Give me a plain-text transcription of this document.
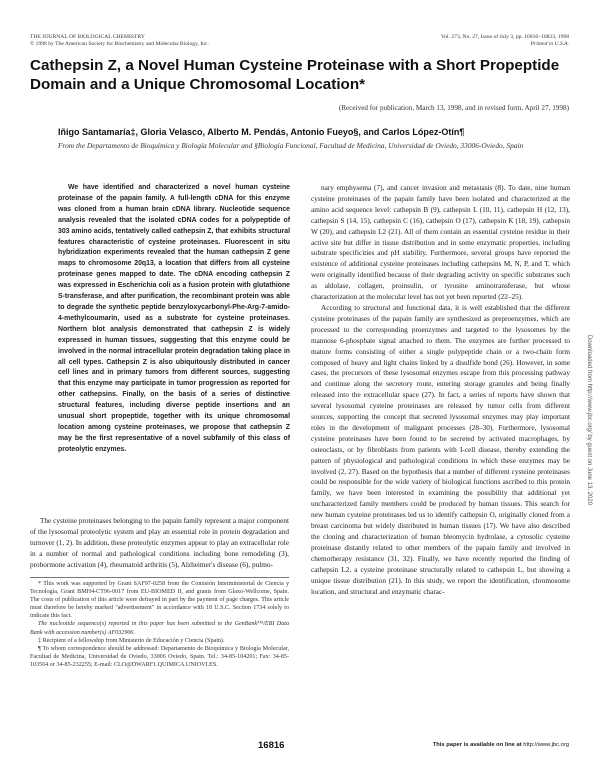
THE JOURNAL OF BIOLOGICAL CHEMISTRY
© 1998 by The American Society for Biochemistry and Molecular Biology, Inc.
Vol. 273, No. 27, Issue of July 3, pp. 16816–16823, 1998
Printed in U.S.A.
Cathepsin Z, a Novel Human Cysteine Proteinase with a Short Propeptide Domain and a Unique Chromosomal Location*
(Received for publication, March 13, 1998, and in revised form, April 27, 1998)
Iñigo Santamaría‡, Gloria Velasco, Alberto M. Pendás, Antonio Fueyo§, and Carlos López-Otín¶
From the Departamento de Bioquímica y Biología Molecular and §Biología Funcional, Facultad de Medicina, Universidad de Oviedo, 33006-Oviedo, Spain

We have identified and characterized a novel human cysteine proteinase of the papain family. A full-length cDNA for this enzyme was cloned from a human brain cDNA library. Nucleotide sequence analysis revealed that the isolated cDNA codes for a polypeptide of 303 amino acids, tentatively called cathepsin Z, that exhibits structural features characteristic of cysteine proteinases. Fluorescent in situ hybridization experiments revealed that the human cathepsin Z gene maps to chromosome 20q13, a location that differs from all cysteine proteinase genes mapped to date. The cDNA encoding cathepsin Z was expressed in Escherichia coli as a fusion protein with glutathione S-transferase, and after purification, the recombinant protein was able to degrade the synthetic peptide benzyloxycarbonyl-Phe-Arg-7-amido-4-methylcoumarin, used as a substrate for cysteine proteinases. Northern blot analysis demonstrated that cathepsin Z is widely expressed in human tissues, suggesting that this enzyme could be involved in the normal intracellular protein degradation taking place in all cell types. Cathepsin Z is also ubiquitously distributed in cancer cell lines and in primary tumors from different sources, suggesting that this enzyme may participate in tumor progression as reported for other cathepsins. Finally, on the basis of a series of distinctive structural features, including diverse peptide insertions and an unusual short propeptide, together with its unique chromosomal location among cysteine proteinases, we propose that cathepsin Z may be the first representative of a novel subfamily of this class of proteolytic enzymes.

The cysteine proteinases belonging to the papain family represent a major component of the lysosomal proteolytic system and play an essential role in protein degradation and turnover (1, 2). In addition, these proteolytic enzymes appear to play an extracellular role in a number of normal and pathological conditions including bone remodeling (3), prohormone activation (4), rheumatoid arthritis (5), Alzheimer's disease (6), pulmo-

* This work was supported by Grant SAF97-0258 from the Comisión Interministerial de Ciencia y Tecnología, Grant BMH4-CT96-0017 from EU-BIOMED II, and grants from Glaxo-Wellcome, Spain. The costs of publication of this article were defrayed in part by the payment of page charges. This article must therefore be hereby marked "advertisement" in accordance with 18 U.S.C. Section 1734 solely to indicate this fact.

The nucleotide sequence(s) reported in this paper has been submitted to the GenBank™/EBI Data Bank with accession number(s) AF032906.

‡ Recipient of a fellowship from Ministerio de Educación y Ciencia (Spain).

¶ To whom correspondence should be addressed: Departamento de Bioquímica y Biología Molecular, Facultad de Medicina, Universidad de Oviedo, 33006 Oviedo, Spain. Tel.: 34-85-104201; Fax: 34-85-103564 or 34-85-232255; E-mail: CLO@DWARF1.QUIMICA.UNIOVI.ES.

nary emphysema (7), and cancer invasion and metastasis (8). To date, nine human cysteine proteinases of the papain family have been isolated and characterized at the amino acid sequence level: cathepsin B (9), cathepsin L (10, 11), cathepsin H (12, 13), cathepsin S (14, 15), cathepsin C (16), cathepsin O (17), cathepsin K (18, 19), cathepsin W (20), and cathepsin L2 (21). All of them contain an essential cysteine residue in their active site but differ in tissue distribution and in some enzymatic properties, including substrate specificities and pH stability. Furthermore, several groups have reported the existence of additional cysteine proteinases including cathepsins M, N, P, and T, which were originally identified because of their degrading activity on specific substrates such as aldolase, collagen, proinsulin, or tyrosine aminotransferase, but whose characterization at the molecular level has not yet been reported (22–25).

According to structural and functional data, it is well established that the different cysteine proteinases of the papain family are synthesized as preproenzymes, which are processed to the corresponding proenzymes and targeted to the lysosomes by the mannose 6-phosphate signal attached to them. The enzymes are further processed to mature forms consisting of either a single polypeptide chain or a two-chain form composed of heavy and light chains linked by a disulfide bond (26). However, in some cases, the precursors of these lysosomal enzymes escape from this processing pathway and continue along the secretory route, entering storage granules and being finally released into the extracellular space (27). In fact, a series of reports have shown that several lysosomal cysteine proteinases are released by tumor cells from different sources, supporting the concept that secreted lysosomal enzymes may play important roles in the development of malignant processes (28–30). Furthermore, lysosomal cysteine proteinases have been found to be secreted by activated macrophages, by osteoclasts, or by fibroblasts from patients with I-cell disease, thereby extending the pattern of physiological and pathological conditions in which these enzymes may be involved (2, 27). Based on the hypothesis that a number of different cysteine proteinases could be responsible for the wide variety of biological functions ascribed to this protein family, we have been interested in examining the possibility that additional yet uncharacterized family members could be produced by human tissues. This search for new human cysteine proteinases led us to identify cathepsin O, originally cloned from a breast carcinoma but widely distributed in human tissues (17). We have also described the cloning and characterization of human bleomycin hydrolase, a cytosolic cysteine proteinase distantly related to other members of the papain family and involved in chemotherapy resistance (31, 32). Finally, we have recently reported the finding of cathepsin L2, a cysteine proteinase structurally related to cathepsin L, but showing a unique tissue distribution (21). In this study, we report the identification, chromosome location, and structural and enzymatic charac-

Downloaded from http://www.jbc.org/ by guest on June 13, 2020
16816	This paper is available on line at http://www.jbc.org
